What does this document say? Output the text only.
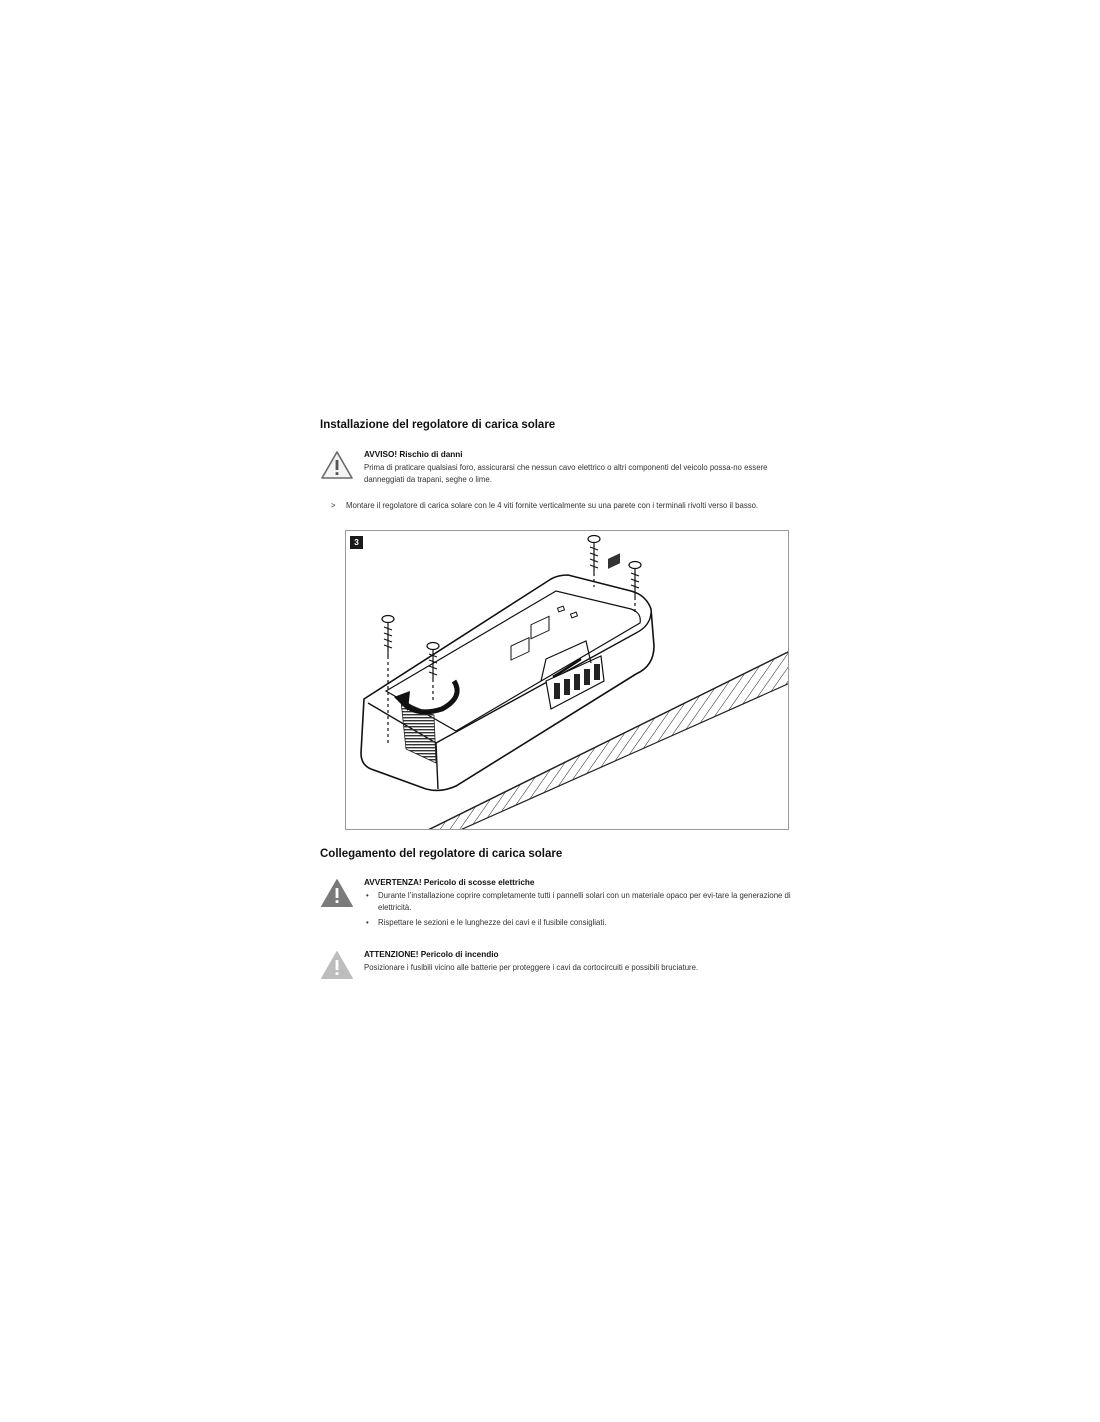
Installazione del regolatore di carica solare
AVVISO! Rischio di danni
Prima di praticare qualsiasi foro, assicurarsi che nessun cavo elettrico o altri componenti del veicolo possa-no essere danneggiati da trapani, seghe o lime.
> Montare il regolatore di carica solare con le 4 viti fornite verticalmente su una parete con i terminali rivolti verso il basso.
3
Collegamento del regolatore di carica solare
AVVERTENZA! Pericolo di scosse elettriche
• Durante l’installazione coprire completamente tutti i pannelli solari con un materiale opaco per evi-tare la generazione di elettricità.
• Rispettare le sezioni e le lunghezze dei cavi e il fusibile consigliati.
ATTENZIONE! Pericolo di incendio
Posizionare i fusibili vicino alle batterie per proteggere i cavi da cortocircuiti e possibili bruciature.
